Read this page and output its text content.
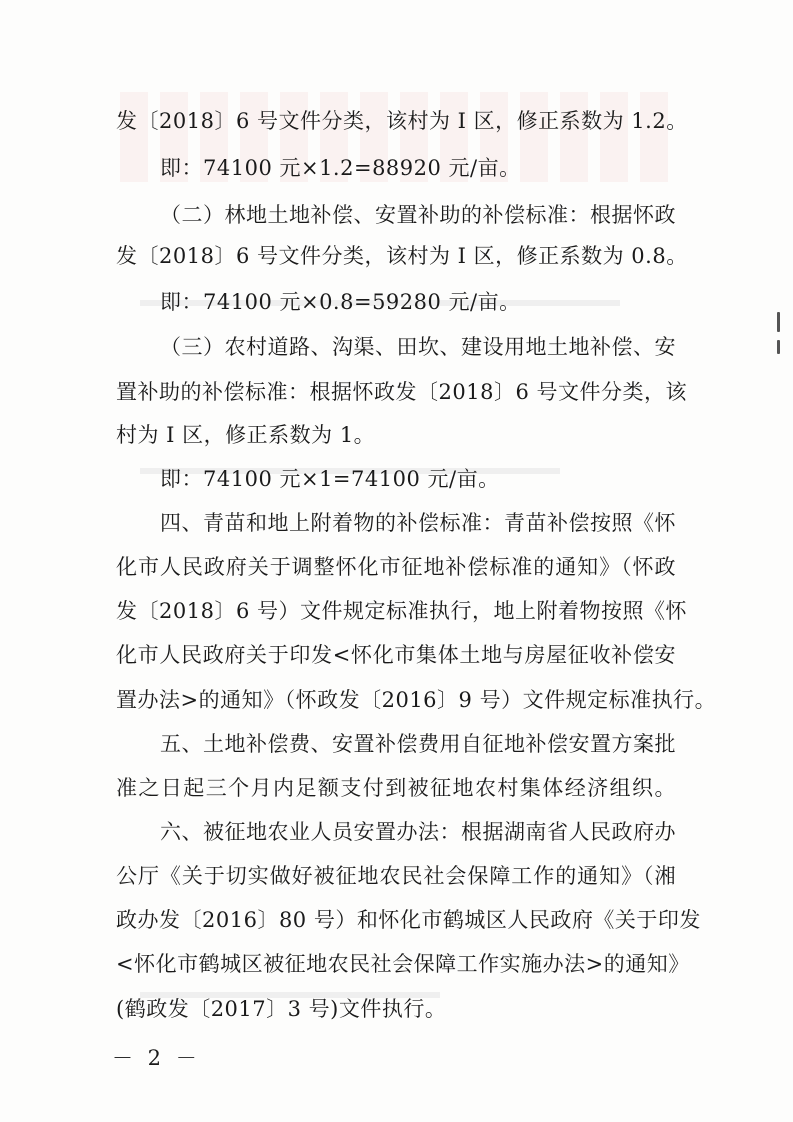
发〔2018〕6 号文件分类，该村为 I 区，修正系数为 1.2。

即：74100 元×1.2=88920 元/亩。

（二）林地土地补偿、安置补助的补偿标准：根据怀政

发〔2018〕6 号文件分类，该村为 I 区，修正系数为 0.8。

即：74100 元×0.8=59280 元/亩。

（三）农村道路、沟渠、田坎、建设用地土地补偿、安

置补助的补偿标准：根据怀政发〔2018〕6 号文件分类，该

村为 I 区，修正系数为 1。

即：74100 元×1=74100 元/亩。

四、青苗和地上附着物的补偿标准：青苗补偿按照《怀

化市人民政府关于调整怀化市征地补偿标准的通知》（怀政

发〔2018〕6 号）文件规定标准执行，地上附着物按照《怀

化市人民政府关于印发<怀化市集体土地与房屋征收补偿安

置办法>的通知》（怀政发〔2016〕9 号）文件规定标准执行。

五、土地补偿费、安置补偿费用自征地补偿安置方案批

准之日起三个月内足额支付到被征地农村集体经济组织。

六、被征地农业人员安置办法：根据湖南省人民政府办

公厅《关于切实做好被征地农民社会保障工作的通知》（湘

政办发〔2016〕80 号）和怀化市鹤城区人民政府《关于印发

<怀化市鹤城区被征地农民社会保障工作实施办法>的通知》

(鹤政发〔2017〕3 号)文件执行。

－ 2 －
